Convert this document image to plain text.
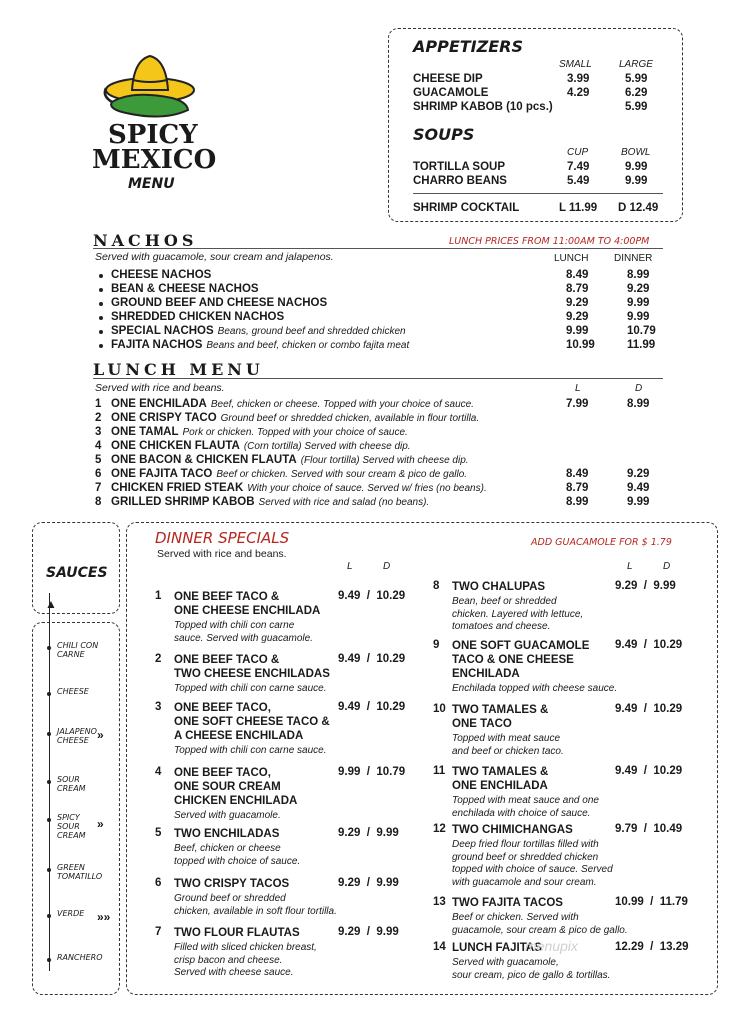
SPICY
MEXICO
MENU
APPETIZERS
SMALL	LARGE
CHEESE DIP	3.99	5.99
GUACAMOLE	4.29	6.29
SHRIMP KABOB (10 pcs.)	5.99
SOUPS
CUP	BOWL
TORTILLA SOUP	7.49	9.99
CHARRO BEANS	5.49	9.99
SHRIMP COCKTAIL	L 11.99 D 12.49
NACHOS	LUNCH PRICES FROM 11:00AM TO 4:00PM
Served with guacamole, sour cream and jalapenos.	LUNCH	DINNER
CHEESE NACHOS	8.49	8.99
BEAN & CHEESE NACHOS	8.79	9.29
GROUND BEEF AND CHEESE NACHOS	9.29	9.99
SHREDDED CHICKEN NACHOS	9.29	9.99
SPECIAL NACHOS Beans, ground beef and shredded chicken	9.99	10.79
FAJITA NACHOS Beans and beef, chicken or combo fajita meat	10.99	11.99
LUNCH MENU
Served with rice and beans.	L	D
1 ONE ENCHILADA Beef, chicken or cheese. Topped with your choice of sauce.	7.99	8.99
2 ONE CRISPY TACO Ground beef or shredded chicken, available in flour tortilla.
3 ONE TAMAL Pork or chicken. Topped with your choice of sauce.
4 ONE CHICKEN FLAUTA (Corn tortilla) Served with cheese dip.
5 ONE BACON & CHICKEN FLAUTA (Flour tortilla) Served with cheese dip.
6 ONE FAJITA TACO Beef or chicken. Served with sour cream & pico de gallo.	8.49	9.29
7 CHICKEN FRIED STEAK With your choice of sauce. Served w/ fries (no beans).	8.79	9.49
8 GRILLED SHRIMP KABOB Served with rice and salad (no beans).	8.99	9.99
SAUCES
▲
CHILI CON
CARNE
CHEESE
JALAPENO
CHEESE »
SOUR
CREAM
SPICY
SOUR
CREAM
»
GREEN
TOMATILLO
VERDE »»
RANCHERO
DINNER SPECIALS
Served with rice and beans.
ADD GUACAMOLE FOR $ 1.79
L	D	L	D
1 ONE BEEF TACO &
ONE CHEESE ENCHILADA
9.49  /  10.29
Topped with chili con carne
sauce. Served with guacamole.
2 ONE BEEF TACO &
TWO CHEESE ENCHILADAS
9.49  /  10.29
Topped with chili con carne sauce.
3 ONE BEEF TACO,
ONE SOFT CHEESE TACO &
A CHEESE ENCHILADA
9.49  /  10.29
Topped with chili con carne sauce.
4 ONE BEEF TACO,
ONE SOUR CREAM
CHICKEN ENCHILADA
9.99  /  10.79
Served with guacamole.
5 TWO ENCHILADAS	9.29  /  9.99
Beef, chicken or cheese
topped with choice of sauce.
6 TWO CRISPY TACOS	9.29  /  9.99
Ground beef or shredded
chicken, available in soft flour tortilla.
7 TWO FLOUR FLAUTAS	9.29  /  9.99
Filled with sliced chicken breast,
crisp bacon and cheese.
Served with cheese sauce.
8 TWO CHALUPAS	9.29  /  9.99
Bean, beef or shredded
chicken. Layered with lettuce,
tomatoes and cheese.
9 ONE SOFT GUACAMOLE
TACO & ONE CHEESE
ENCHILADA
9.49  /  10.29
Enchilada topped with cheese sauce.
10 TWO TAMALES &
ONE TACO
9.49  /  10.29
Topped with meat sauce
and beef or chicken taco.
11 TWO TAMALES &
ONE ENCHILADA
9.49  /  10.29
Topped with meat sauce and one
enchilada with choice of sauce.
12 TWO CHIMICHANGAS	9.79  /  10.49
Deep fried flour tortillas filled with
ground beef or shredded chicken
topped with choice of sauce. Served
with guacamole and sour cream.
13 TWO FAJITA TACOS	10.99  /  11.79
Beef or chicken. Served with
guacamole, sour cream & pico de gallo.
14 LUNCH FAJITAS	12.29  /  13.29
Served with guacamole,
sour cream, pico de gallo & tortillas.
menupix
